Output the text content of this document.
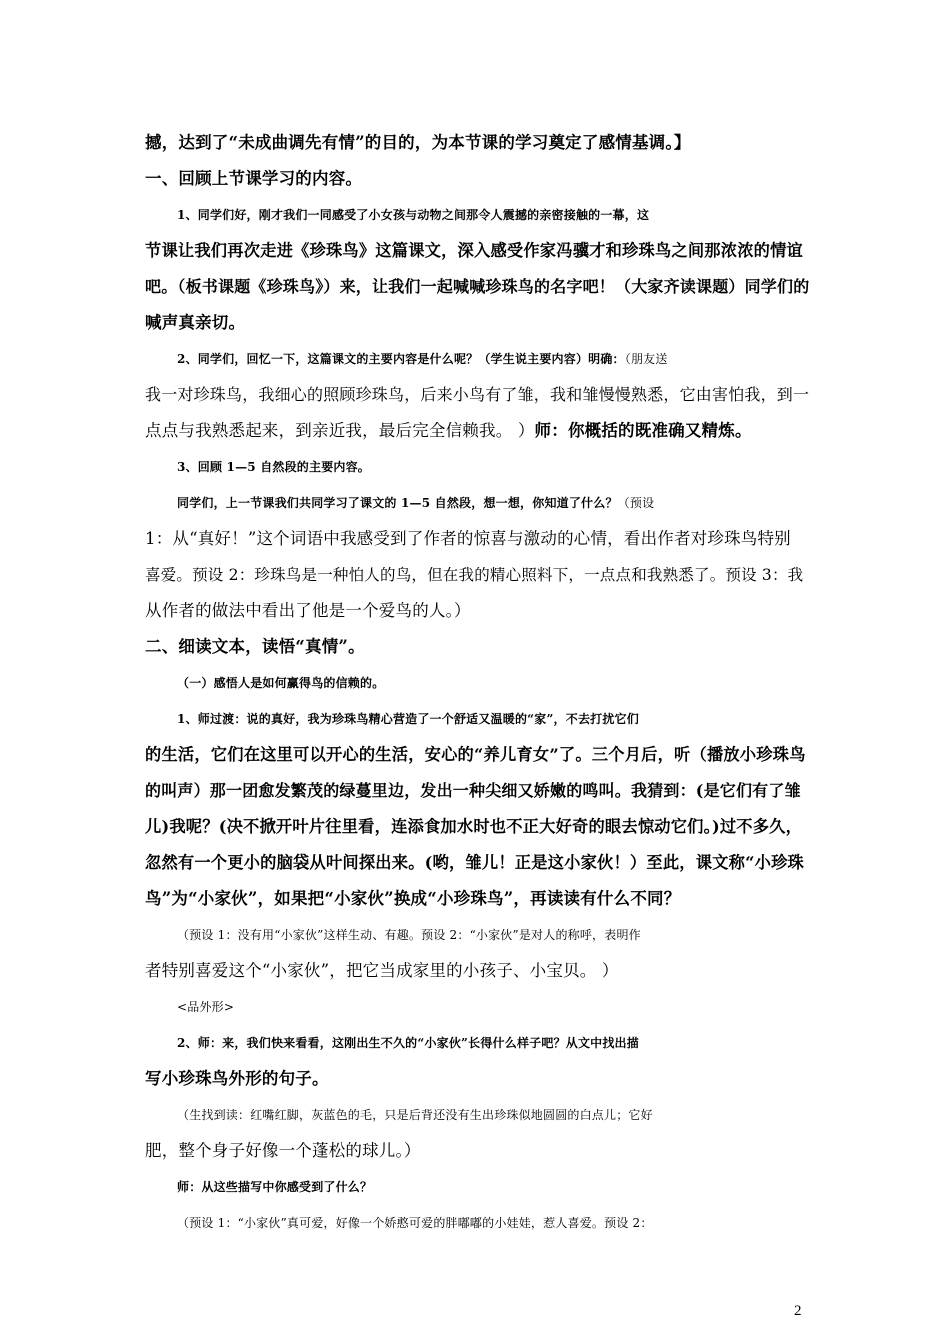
撼，达到了“未成曲调先有情”的目的，为本节课的学习奠定了感情基调。】
一、回顾上节课学习的内容。
1、同学们好，刚才我们一同感受了小女孩与动物之间那令人震撼的亲密接触的一幕，这
节课让我们再次走进《珍珠鸟》这篇课文，深入感受作家冯骥才和珍珠鸟之间那浓浓的情谊
吧。（板书课题《珍珠鸟》）来，让我们一起喊喊珍珠鸟的名字吧！（大家齐读课题）同学们的
喊声真亲切。
2、同学们，回忆一下，这篇课文的主要内容是什么呢？（学生说主要内容）明确：（朋友送
我一对珍珠鸟，我细心的照顾珍珠鸟，后来小鸟有了雏，我和雏慢慢熟悉，它由害怕我，到一
点点与我熟悉起来，到亲近我，最后完全信赖我。 ）师：你概括的既准确又精炼。
3、回顾 1—5 自然段的主要内容。
同学们，上一节课我们共同学习了课文的 1—5 自然段，想一想，你知道了什么？（预设
1：从“真好！”这个词语中我感受到了作者的惊喜与激动的心情，看出作者对珍珠鸟特别
喜爱。预设 2：珍珠鸟是一种怕人的鸟，但在我的精心照料下，一点点和我熟悉了。预设 3：我
从作者的做法中看出了他是一个爱鸟的人。）
二、细读文本，读悟“真情”。
（一）感悟人是如何赢得鸟的信赖的。
1、师过渡：说的真好，我为珍珠鸟精心营造了一个舒适又温暖的“家”，不去打扰它们
的生活，它们在这里可以开心的生活，安心的“养儿育女”了。三个月后，听（播放小珍珠鸟
的叫声）那一团愈发繁茂的绿蔓里边，发出一种尖细又娇嫩的鸣叫。我猜到：(是它们有了雏
儿)我呢？(决不掀开叶片往里看，连添食加水时也不正大好奇的眼去惊动它们。)过不多久，
忽然有一个更小的脑袋从叶间探出来。(哟，雏儿！正是这小家伙！）至此，课文称“小珍珠
鸟”为“小家伙”，如果把“小家伙”换成“小珍珠鸟”，再读读有什么不同？
（预设 1：没有用“小家伙”这样生动、有趣。预设 2：“小家伙”是对人的称呼，表明作
者特别喜爱这个“小家伙”，把它当成家里的小孩子、小宝贝。 ）
<品外形>
2、师：来，我们快来看看，这刚出生不久的“小家伙”长得什么样子吧？从文中找出描
写小珍珠鸟外形的句子。
（生找到读：红嘴红脚，灰蓝色的毛，只是后背还没有生出珍珠似地圆圆的白点儿；它好
肥，整个身子好像一个蓬松的球儿。）
师：从这些描写中你感受到了什么？
（预设 1：“小家伙”真可爱，好像一个娇憨可爱的胖嘟嘟的小娃娃，惹人喜爱。预设 2：
2
